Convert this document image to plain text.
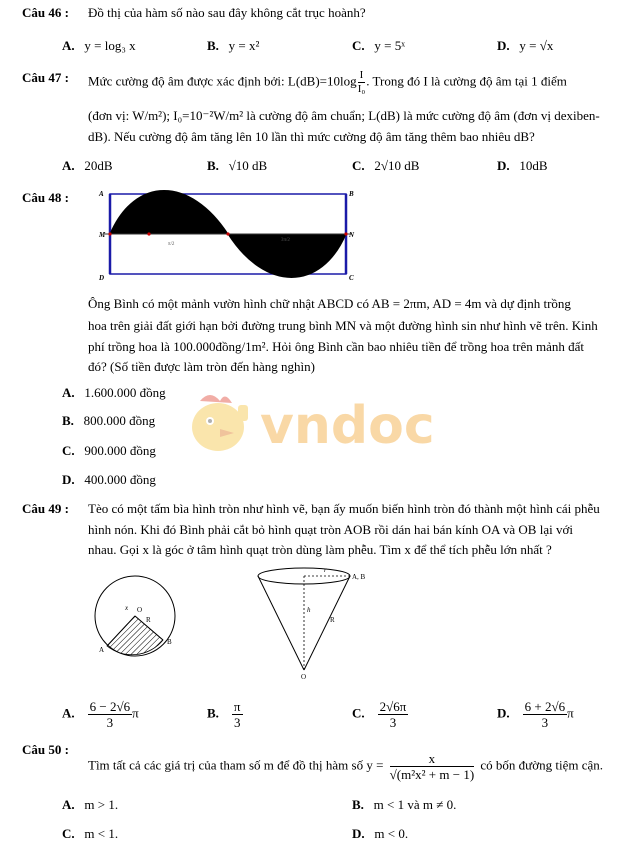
Câu 46 : Đồ thị của hàm số nào sau đây không cắt trục hoành?
A. y = log₃ x	B. y = x²	C. y = 5ˣ	D. y = √x
Câu 47 : Mức cường độ âm được xác định bởi: $L(dB)=10\log \frac{I}{\text{I₀}}$ . Trong đó I là cường độ âm tại 1 điểm
(đơn vị: W/m²); I₀=10⁻²W/m² là cường độ âm chuẩn; L(dB) là mức cường độ âm (đơn vị dexiben-
dB). Nếu cường độ âm tăng lên 10 lần thì mức cường độ âm tăng thêm bao nhiêu dB?
A. 20dB	B. √10 dB	C. 2√10 dB	D. 10dB
Câu 48 :
π/2
3π/2
A	B
C
D
M	N
Ông Bình có một mảnh vườn hình chữ nhật ABCD có AB = 2πm, AD = 4m và dự định trồng
hoa trên giải đất giới hạn bởi đường trung bình MN và một đường hình sin như hình vẽ trên. Kinh
phí trồng hoa là 100.000đồng/1m². Hỏi ông Bình cần bao nhiêu tiền để trồng hoa trên mảnh đất
đó? (Số tiền được làm tròn đến hàng nghìn)
vndoc
A. 1.600.000 đồng
B. 800.000 đồng
C. 900.000 đồng
D. 400.000 đồng
Câu 49 : Tèo có một tấm bìa hình tròn như hình vẽ, bạn ấy muốn biến hình tròn đó thành một hình cái phễu
hình nón. Khi đó Bình phải cắt bỏ hình quạt tròn AOB rồi dán hai bán kính OA và OB lại với
nhau. Gọi x là góc ở tâm hình quạt tròn dùng làm phễu. Tìm x để thể tích phễu lớn nhất ?
x O
R
A
B
r
A, B
h
R
O
A. $\frac{6 - 2√6}{3}$ π	B. $\frac{\pi}{3}$	C. $\frac{2√6\pi}{3}$	D. $\frac{6 + 2√6}{3}$ π
Câu 50 :
Tìm tất cả các giá trị của tham số m để đồ thị hàm số $y = \frac{x}{\text{√(m²x² + m − 1)}}$ có bốn đường tiệm cận.
A. m > 1.	B. m < 1 và m ≠ 0.
C. m < 1.	D. m < 0.
